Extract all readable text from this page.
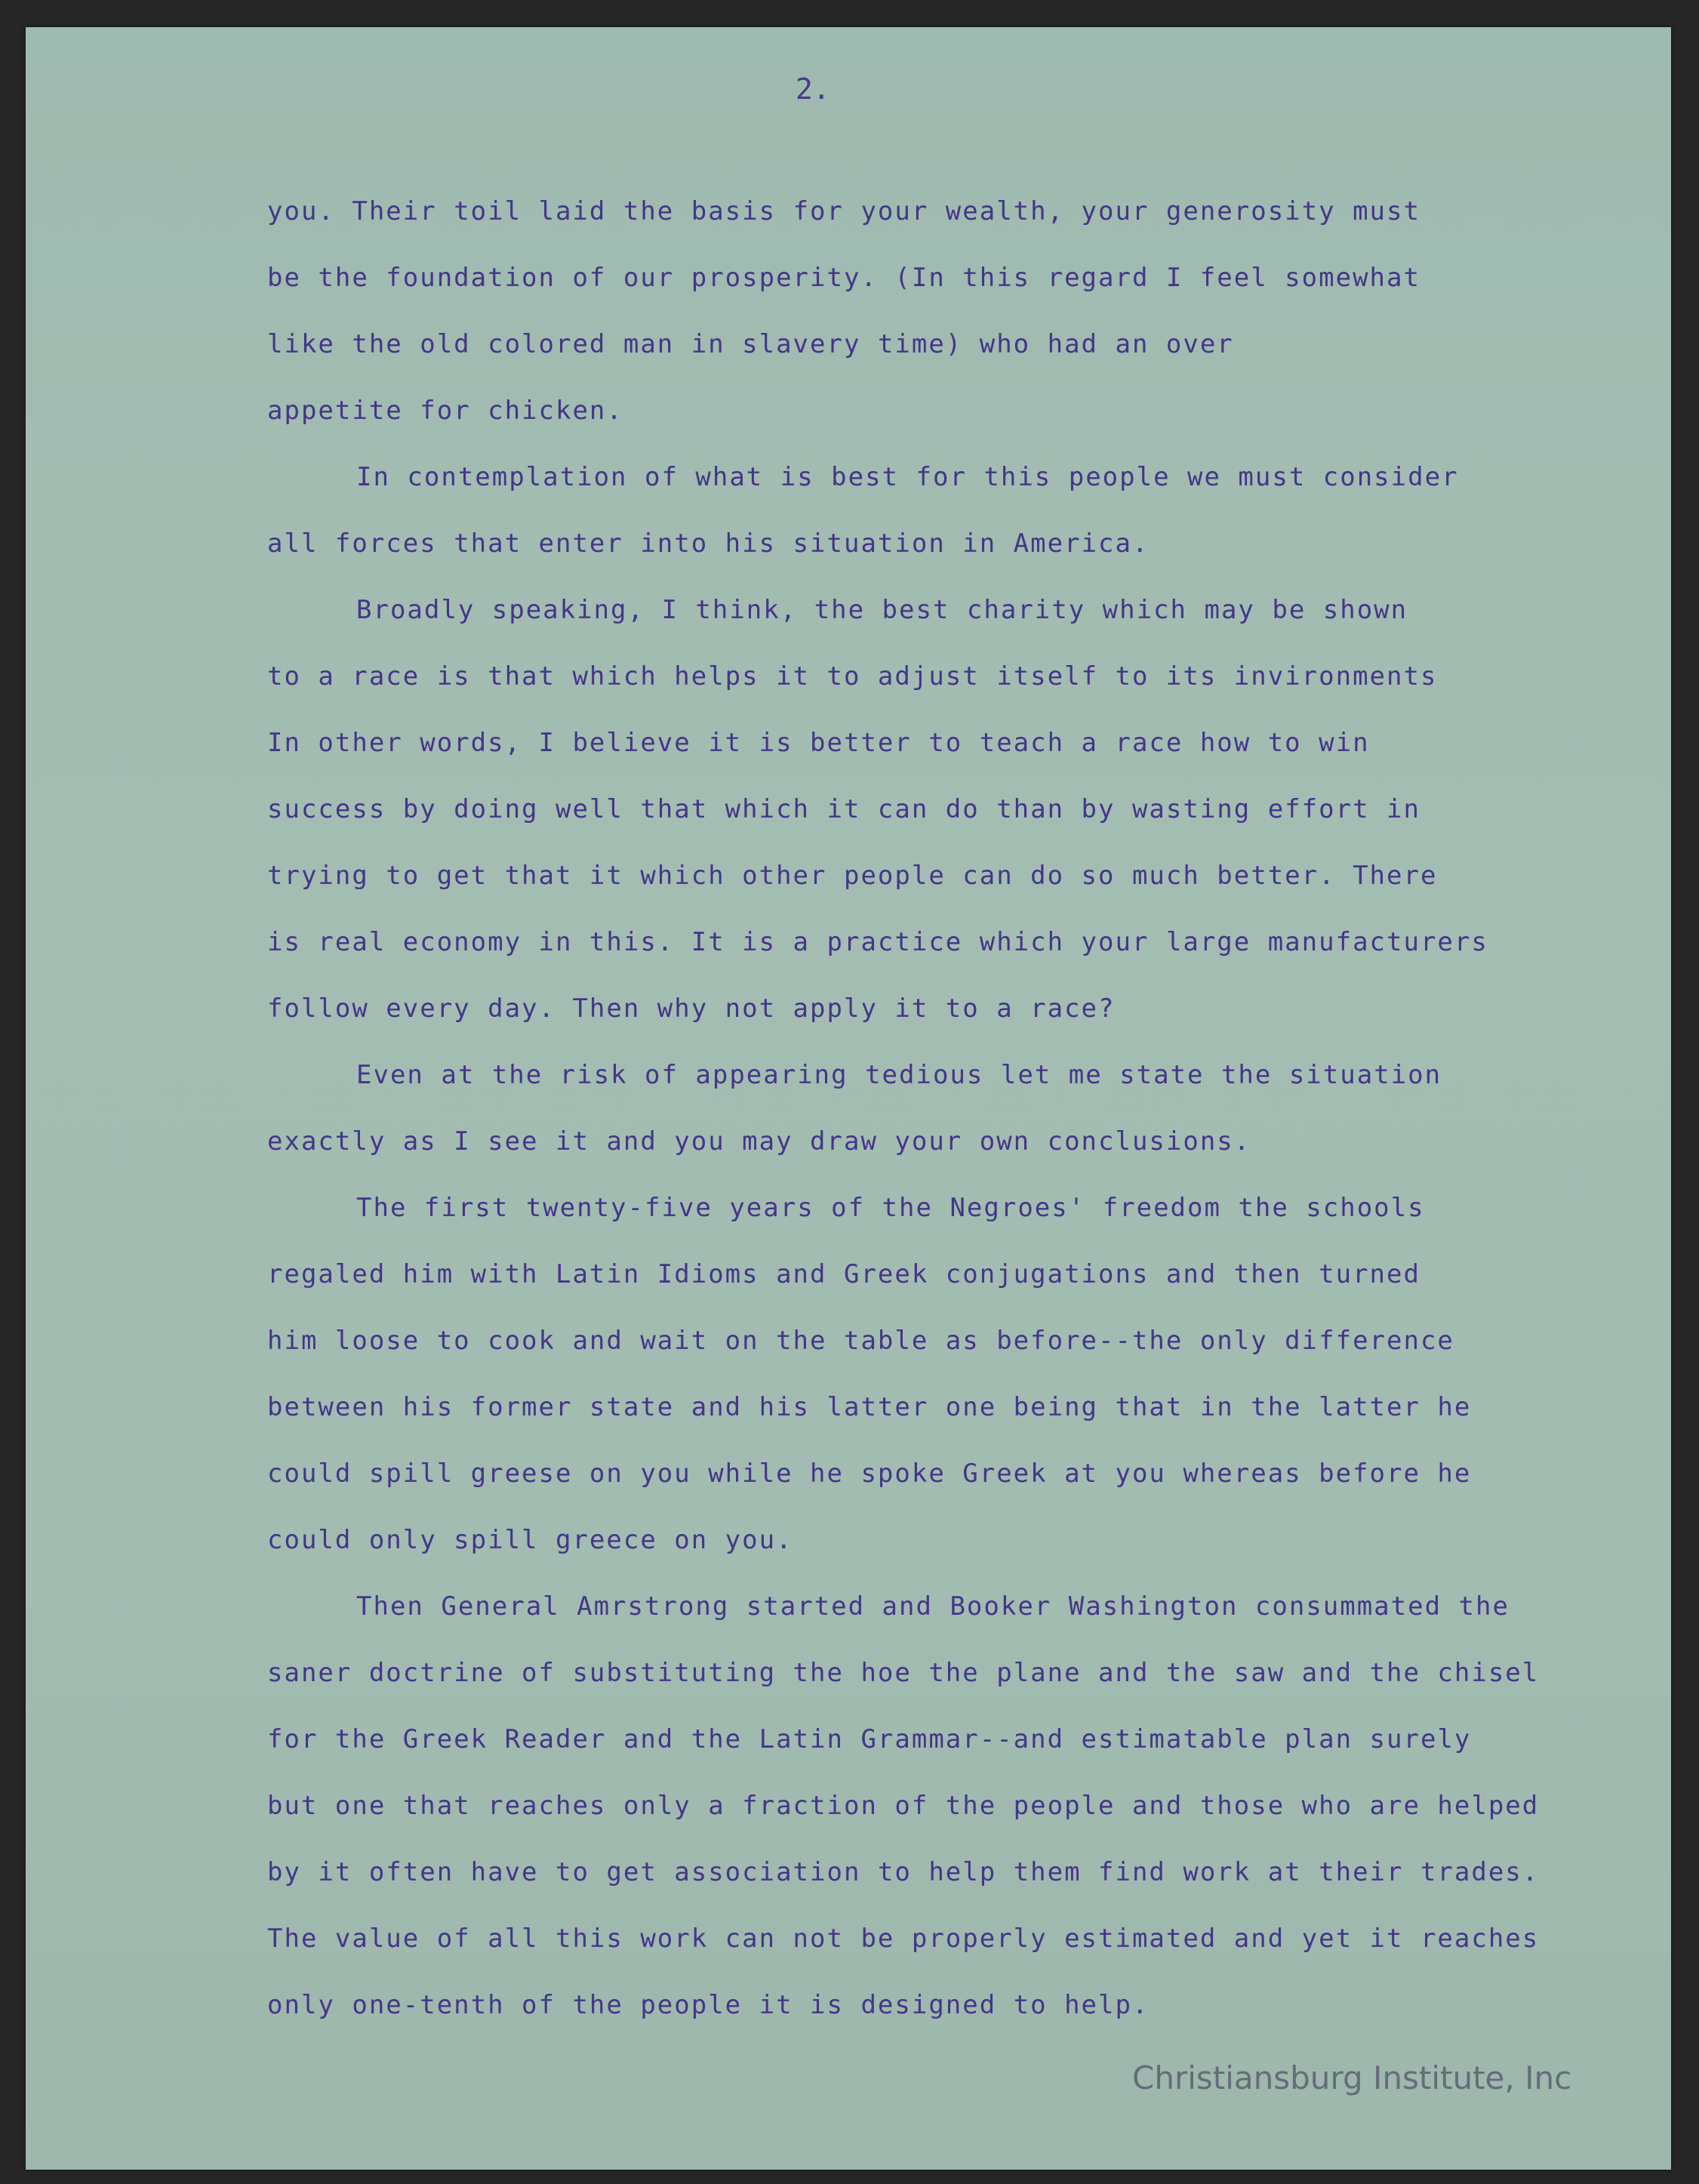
2.

you. Their toil laid the basis for your wealth, your generosity must
be the foundation of our prosperity. (In this regard I feel somewhat
like the old colored man in slavery time) who had an over
appetite for chicken.
In contemplation of what is best for this people we must consider
all forces that enter into his situation in America.
Broadly speaking, I think, the best charity which may be shown
to a race is that which helps it to adjust itself to its invironments
In other words, I believe it is better to teach a race how to win
success by doing well that which it can do than by wasting effort in
trying to get that it which other people can do so much better. There
is real economy in this. It is a practice which your large manufacturers
follow every day. Then why not apply it to a race?
Even at the risk of appearing tedious let me state the situation
exactly as I see it and you may draw your own conclusions.
The first twenty-five years of the Negroes' freedom the schools
regaled him with Latin Idioms and Greek conjugations and then turned
him loose to cook and wait on the table as before--the only difference
between his former state and his latter one being that in the latter he
could spill greese on you while he spoke Greek at you whereas before he
could only spill greece on you.
Then General Amrstrong started and Booker Washington consummated the
saner doctrine of substituting the hoe the plane and the saw and the chisel
for the Greek Reader and the Latin Grammar--and estimatable plan surely
but one that reaches only a fraction of the people and those who are helped
by it often have to get association to help them find work at their trades.
The value of all this work can not be properly estimated and yet it reaches
only one-tenth of the people it is designed to help.

Christiansburg Institute, Inc
